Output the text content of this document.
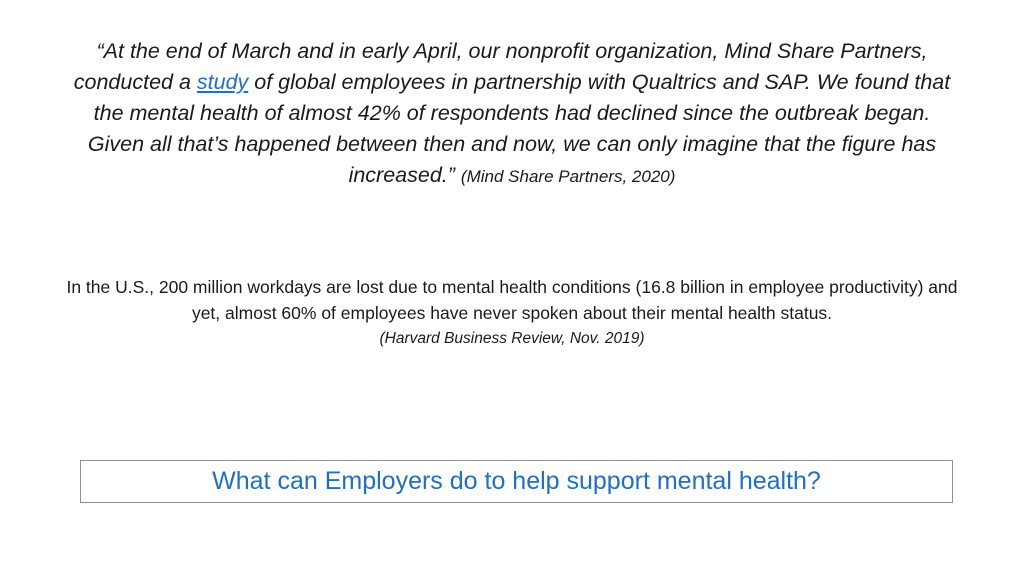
“At the end of March and in early April, our nonprofit organization, Mind Share Partners, conducted a study of global employees in partnership with Qualtrics and SAP. We found that the mental health of almost 42% of respondents had declined since the outbreak began. Given all that’s happened between then and now, we can only imagine that the figure has increased.” (Mind Share Partners, 2020)

In the U.S., 200 million workdays are lost due to mental health conditions (16.8 billion in employee productivity) and yet, almost 60% of employees have never spoken about their mental health status.
(Harvard Business Review, Nov. 2019)

What can Employers do to help support mental health?
